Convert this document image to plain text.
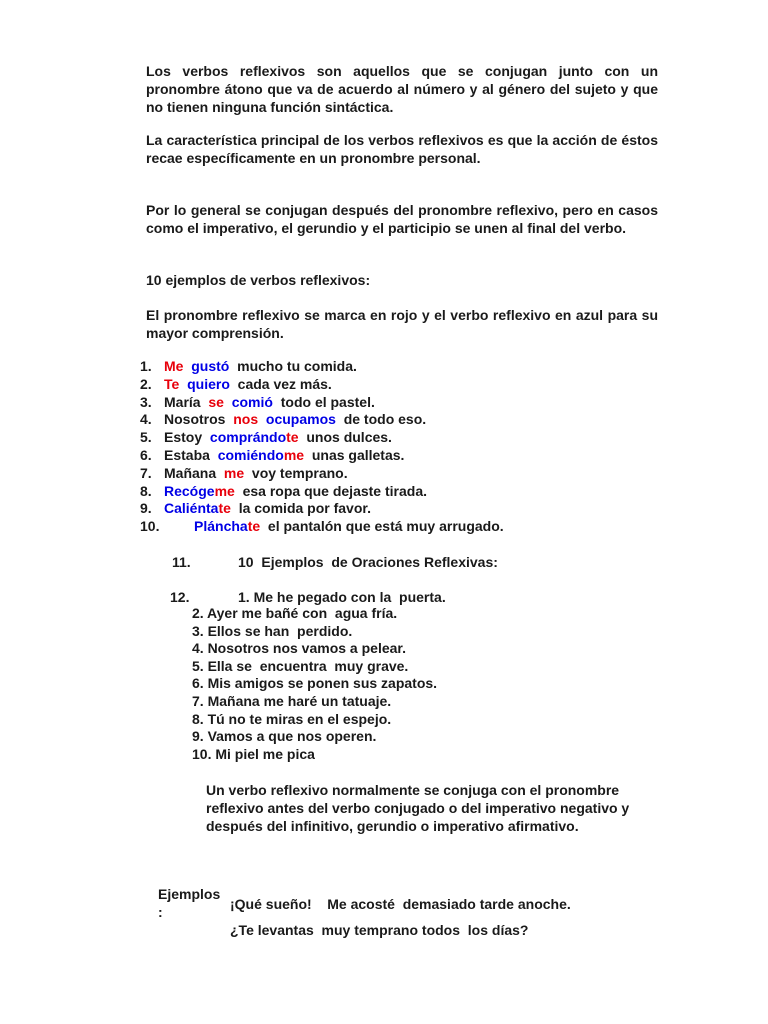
Los verbos reflexivos son aquellos que se conjugan junto con un pronombre átono que va de acuerdo al número y al género del sujeto y que no tienen ninguna función sintáctica.
La característica principal de los verbos reflexivos es que la acción de éstos recae específicamente en un pronombre personal.
Por lo general se conjugan después del pronombre reflexivo, pero en casos como el imperativo, el gerundio y el participio se unen al final del verbo.
10 ejemplos de verbos reflexivos:
El pronombre reflexivo se marca en rojo y el verbo reflexivo en azul para su mayor comprensión.
1. Me gustó  mucho tu comida.
2. Te quiero  cada vez más.
3. María  se comió  todo el pastel.
4. Nosotros  nos ocupamos  de todo eso.
5. Estoy  comprándote  unos dulces.
6. Estaba  comiéndome  unas galletas.
7. Mañana  me  voy temprano.
8. Recógeme  esa ropa que dejaste tirada.
9. Caliéntate  la comida por favor.
10. Plánchаte  el pantalón que está muy arrugado.
11.	10  Ejemplos  de Oraciones Reflexivas:
12.	1. Me he pegado con la  puerta.
2. Ayer me bañé con  agua fría.
3. Ellos se han  perdido.
4. Nosotros nos vamos a pelear.
5. Ella se  encuentra  muy grave.
6. Mis amigos se ponen sus zapatos.
7. Mañana me haré un tatuaje.
8. Tú no te miras en el espejo.
9. Vamos a que nos operen.
10. Mi piel me pica
Un verbo reflexivo normalmente se conjuga con el pronombre reflexivo antes del verbo conjugado o del imperativo negativo y después del infinitivo, gerundio o imperativo afirmativo.
Ejemplos
:	¡Qué sueño!    Me acosté  demasiado tarde anoche.
¿Te levantas  muy temprano todos  los días?
